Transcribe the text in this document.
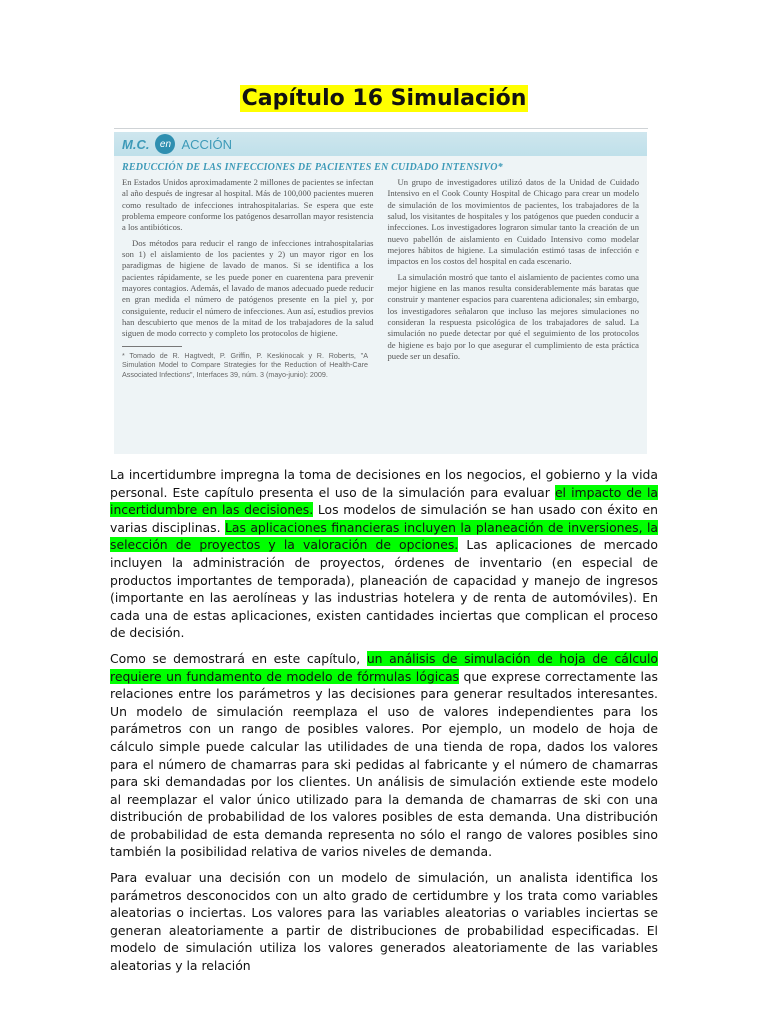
Capítulo 16 Simulación
M.C.	en ACCIÓN
REDUCCIÓN DE LAS INFECCIONES DE PACIENTES EN CUIDADO INTENSIVO*

En Estados Unidos aproximadamente 2 millones de pacientes se infectan al año después de ingresar al hospital. Más de 100,000 pacientes mueren como resultado de infecciones intrahospitalarias. Se espera que este problema empeore conforme los patógenos desarrollan mayor resistencia a los antibióticos.

Dos métodos para reducir el rango de infecciones intrahospitalarias son 1) el aislamiento de los pacientes y 2) un mayor rigor en los paradigmas de higiene de lavado de manos. Si se identifica a los pacientes rápidamente, se les puede poner en cuarentena para prevenir mayores contagios. Además, el lavado de manos adecuado puede reducir en gran medida el número de patógenos presente en la piel y, por consiguiente, reducir el número de infecciones. Aun así, estudios previos han descubierto que menos de la mitad de los trabajadores de la salud siguen de modo correcto y completo los protocolos de higiene.

* Tomado de R. Hagtvedt, P. Griffin, P. Keskinocak y R. Roberts, "A Simulation Model to Compare Strategies for the Reduction of Health-Care Associated Infections", Interfaces 39, núm. 3 (mayo-junio): 2009.

Un grupo de investigadores utilizó datos de la Unidad de Cuidado Intensivo en el Cook County Hospital de Chicago para crear un modelo de simulación de los movimientos de pacientes, los trabajadores de la salud, los visitantes de hospitales y los patógenos que pueden conducir a infecciones. Los investigadores lograron simular tanto la creación de un nuevo pabellón de aislamiento en Cuidado Intensivo como modelar mejores hábitos de higiene. La simulación estimó tasas de infección e impactos en los costos del hospital en cada escenario.

La simulación mostró que tanto el aislamiento de pacientes como una mejor higiene en las manos resulta considerablemente más baratas que construir y mantener espacios para cuarentena adicionales; sin embargo, los investigadores señalaron que incluso las mejores simulaciones no consideran la respuesta psicológica de los trabajadores de salud. La simulación no puede detectar por qué el seguimiento de los protocolos de higiene es bajo por lo que asegurar el cumplimiento de esta práctica puede ser un desafío.

La incertidumbre impregna la toma de decisiones en los negocios, el gobierno y la vida personal. Este capítulo presenta el uso de la simulación para evaluar el impacto de la incertidumbre en las decisiones. Los modelos de simulación se han usado con éxito en varias disciplinas. Las aplicaciones financieras incluyen la planeación de inversiones, la selección de proyectos y la valoración de opciones. Las aplicaciones de mercado incluyen la administración de proyectos, órdenes de inventario (en especial de productos importantes de temporada), planeación de capacidad y manejo de ingresos (importante en las aerolíneas y las industrias hotelera y de renta de automóviles). En cada una de estas aplicaciones, existen cantidades inciertas que complican el proceso de decisión.

Como se demostrará en este capítulo, un análisis de simulación de hoja de cálculo requiere un fundamento de modelo de fórmulas lógicas que exprese correctamente las relaciones entre los parámetros y las decisiones para generar resultados interesantes. Un modelo de simulación reemplaza el uso de valores independientes para los parámetros con un rango de posibles valores. Por ejemplo, un modelo de hoja de cálculo simple puede calcular las utilidades de una tienda de ropa, dados los valores para el número de chamarras para ski pedidas al fabricante y el número de chamarras para ski demandadas por los clientes. Un análisis de simulación extiende este modelo al reemplazar el valor único utilizado para la demanda de chamarras de ski con una distribución de probabilidad de los valores posibles de esta demanda. Una distribución de probabilidad de esta demanda representa no sólo el rango de valores posibles sino también la posibilidad relativa de varios niveles de demanda.

Para evaluar una decisión con un modelo de simulación, un analista identifica los parámetros desconocidos con un alto grado de certidumbre y los trata como variables aleatorias o inciertas. Los valores para las variables aleatorias o variables inciertas se generan aleatoriamente a partir de distribuciones de probabilidad especificadas. El modelo de simulación utiliza los valores generados aleatoriamente de las variables aleatorias y la relación
